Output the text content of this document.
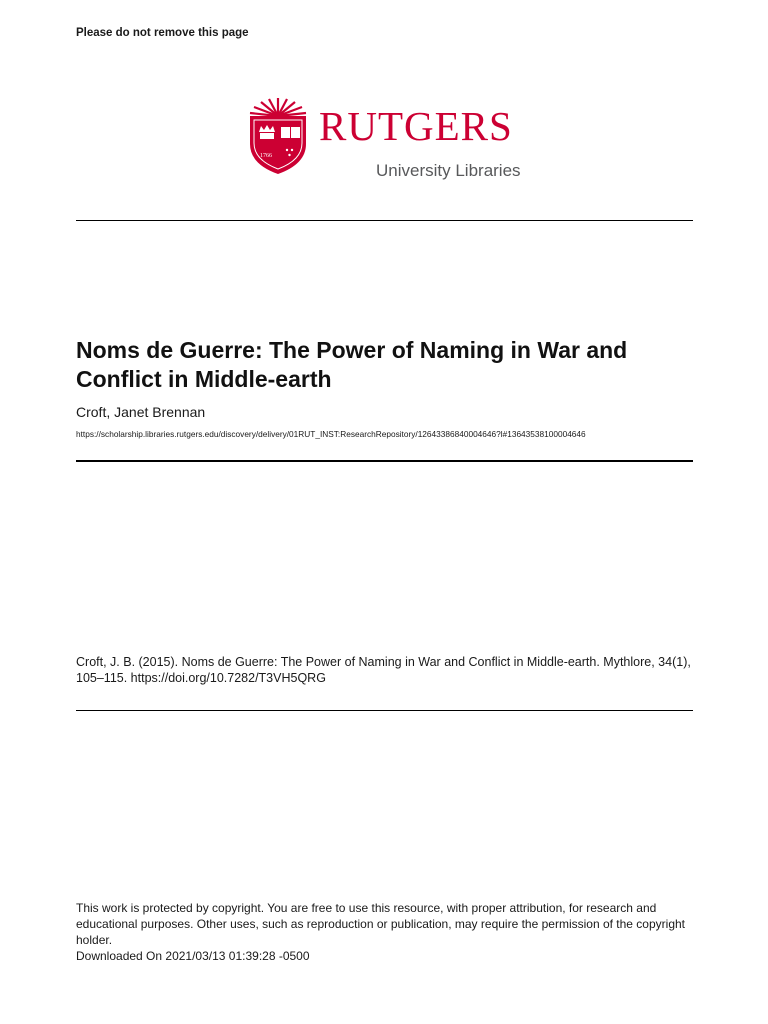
Please do not remove this page
1766
RUTGERS
University Libraries
Noms de Guerre: The Power of Naming in War and Conflict in Middle-earth
Croft, Janet Brennan
https://scholarship.libraries.rutgers.edu/discovery/delivery/01RUT_INST:ResearchRepository/12643386840004646?l#13643538100004646
Croft, J. B. (2015). Noms de Guerre: The Power of Naming in War and Conflict in Middle-earth. Mythlore, 34(1), 105–115. https://doi.org/10.7282/T3VH5QRG
This work is protected by copyright. You are free to use this resource, with proper attribution, for research and educational purposes. Other uses, such as reproduction or publication, may require the permission of the copyright holder.
Downloaded On 2021/03/13 01:39:28 -0500
